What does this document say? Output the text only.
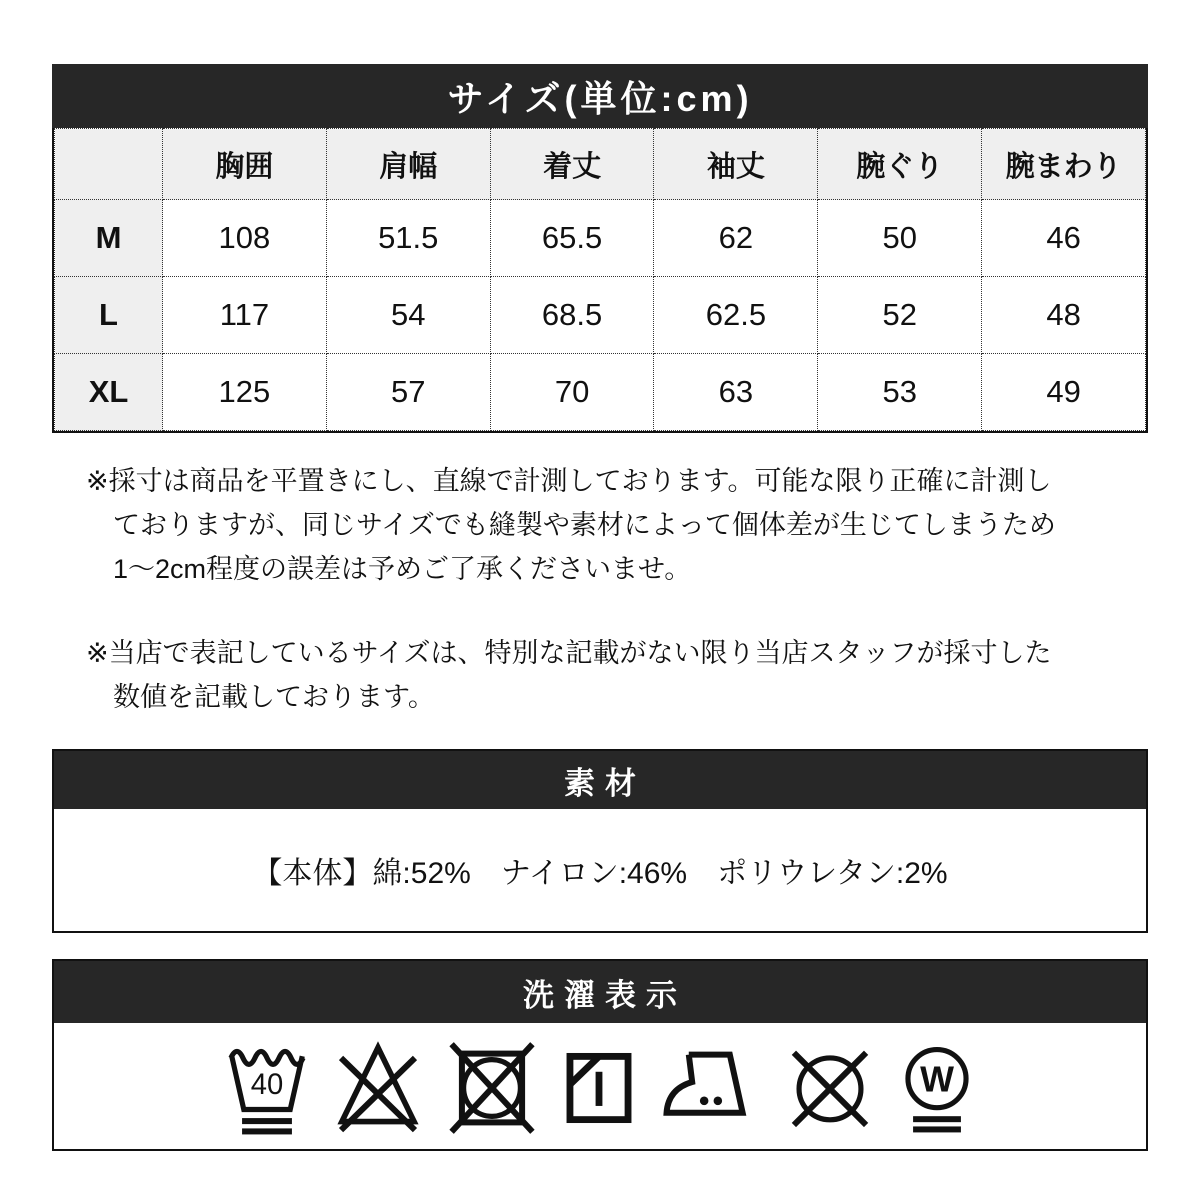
サイズ(単位:cm)
	胸囲	肩幅	着丈	袖丈	腕ぐり	腕まわり
M	108	51.5	65.5	62	50	46
L	117	54	68.5	62.5	52	48
XL	125	57	70	63	53	49
※採寸は商品を平置きにし、直線で計測しております。可能な限り正確に計測し
ておりますが、同じサイズでも縫製や素材によって個体差が生じてしまうため
1〜2cm程度の誤差は予めご了承くださいませ。
※当店で表記しているサイズは、特別な記載がない限り当店スタッフが採寸した
数値を記載しております。
素材
【本体】綿:52%　ナイロン:46%　ポリウレタン:2%
洗濯表示
40	W
